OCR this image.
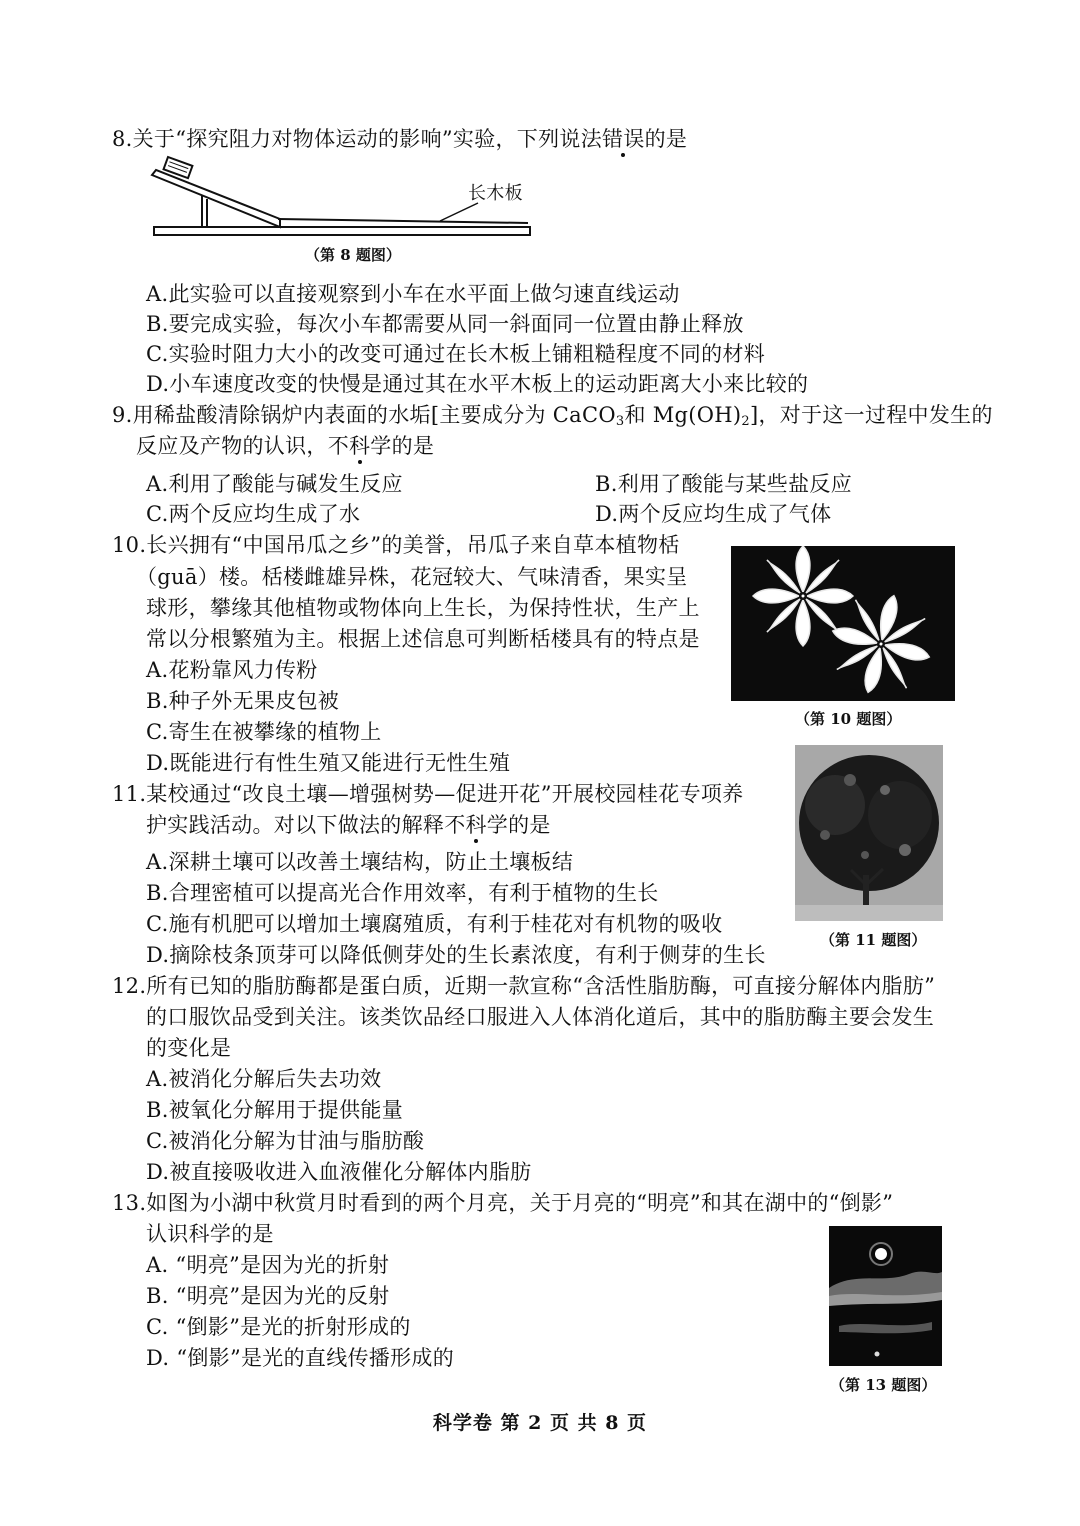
8.关于“探究阻力对物体运动的影响”实验，下列说法错误的是
长木板
（第 8 题图）
A.此实验可以直接观察到小车在水平面上做匀速直线运动
B.要完成实验，每次小车都需要从同一斜面同一位置由静止释放
C.实验时阻力大小的改变可通过在长木板上铺粗糙程度不同的材料
D.小车速度改变的快慢是通过其在水平木板上的运动距离大小来比较的
9.用稀盐酸清除锅炉内表面的水垢[主要成分为 CaCO$_3$和 $Mg(OH)_2$]，对于这一过程中发生的
反应及产物的认识，不科学的是
A.利用了酸能与碱发生反应	B.利用了酸能与某些盐反应
C.两个反应均生成了水	D.两个反应均生成了气体
10.长兴拥有“中国吊瓜之乡”的美誉，吊瓜子来自草本植物栝
（guā）楼。栝楼雌雄异株，花冠较大、气味清香，果实呈
球形，攀缘其他植物或物体向上生长，为保持性状，生产上
常以分根繁殖为主。根据上述信息可判断栝楼具有的特点是
A.花粉靠风力传粉
B.种子外无果皮包被
C.寄生在被攀缘的植物上
D.既能进行有性生殖又能进行无性生殖
（第 10 题图）
11.某校通过“改良土壤—增强树势—促进开花”开展校园桂花专项养
护实践活动。对以下做法的解释不科学的是
A.深耕土壤可以改善土壤结构，防止土壤板结
B.合理密植可以提高光合作用效率，有利于植物的生长
C.施有机肥可以增加土壤腐殖质，有利于桂花对有机物的吸收
D.摘除枝条顶芽可以降低侧芽处的生长素浓度，有利于侧芽的生长
（第 11 题图）
12.所有已知的脂肪酶都是蛋白质，近期一款宣称“含活性脂肪酶，可直接分解体内脂肪”
的口服饮品受到关注。该类饮品经口服进入人体消化道后，其中的脂肪酶主要会发生
的变化是
A.被消化分解后失去功效
B.被氧化分解用于提供能量
C.被消化分解为甘油与脂肪酸
D.被直接吸收进入血液催化分解体内脂肪
13.如图为小湖中秋赏月时看到的两个月亮，关于月亮的“明亮”和其在湖中的“倒影”
认识科学的是
A. “明亮”是因为光的折射
B. “明亮”是因为光的反射
C. “倒影”是光的折射形成的
D. “倒影”是光的直线传播形成的
（第 13 题图）
科学卷 第 2 页 共 8 页
